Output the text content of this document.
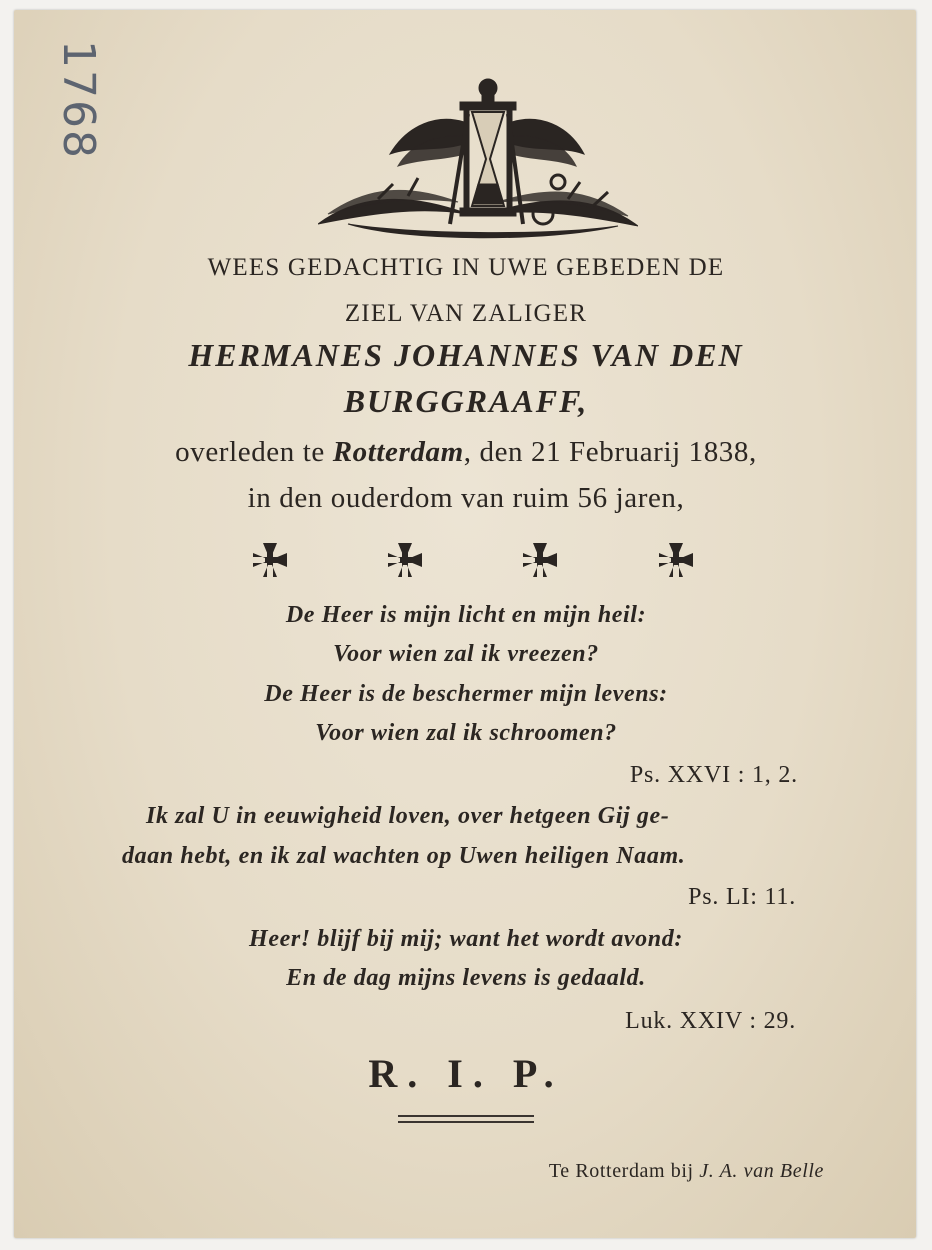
1768
WEES GEDACHTIG IN UWE GEBEDEN DE
ZIEL VAN ZALIGER
HERMANES JOHANNES VAN DEN
BURGGRAAFF,
overleden te Rotterdam, den 21 Februarij 1838,
in den ouderdom van ruim 56 jaren,
De Heer is mijn licht en mijn heil:
Voor wien zal ik vreezen?
De Heer is de beschermer mijn levens:
Voor wien zal ik schroomen?
Ps. XXVI : 1, 2.
Ik zal U in eeuwigheid loven, over hetgeen Gij ge-
daan hebt, en ik zal wachten op Uwen heiligen Naam.
Ps. LI: 11.
Heer! blijf bij mij; want het wordt avond:
En de dag mijns levens is gedaald.
Luk. XXIV : 29.
R. I. P.
Te Rotterdam bij J. A. van Belle
